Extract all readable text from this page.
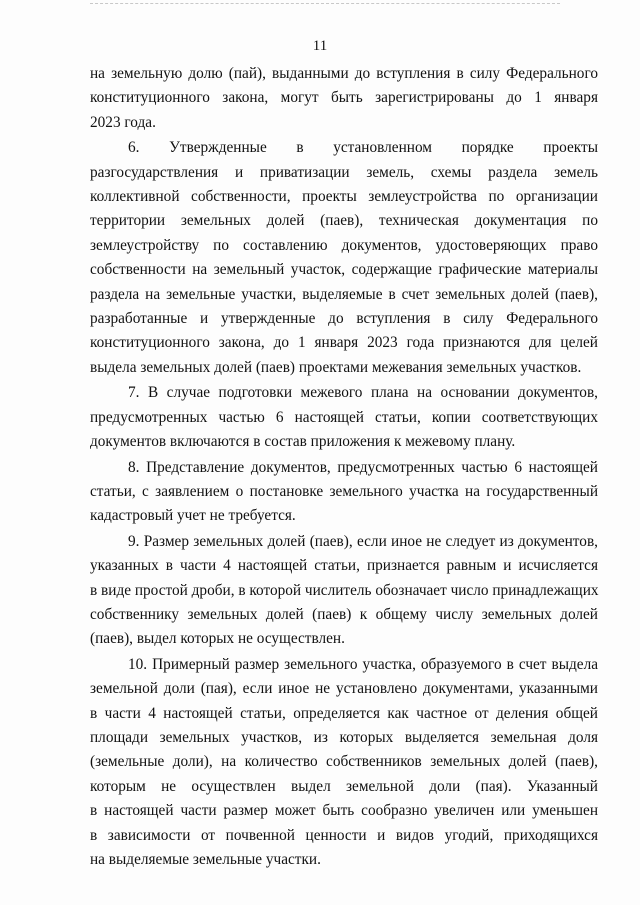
11

на земельную долю (пай), выданными до вступления в силу Федерального
конституционного закона, могут быть зарегистрированы до 1 января
2023 года.

6. Утвержденные в установленном порядке проекты
разгосударствления и приватизации земель, схемы раздела земель
коллективной собственности, проекты землеустройства по организации
территории земельных долей (паев), техническая документация по
землеустройству по составлению документов, удостоверяющих право
собственности на земельный участок, содержащие графические материалы
раздела на земельные участки, выделяемые в счет земельных долей (паев),
разработанные и утвержденные до вступления в силу Федерального
конституционного закона, до 1 января 2023 года признаются для целей
выдела земельных долей (паев) проектами межевания земельных участков.

7. В случае подготовки межевого плана на основании документов,
предусмотренных частью 6 настоящей статьи, копии соответствующих
документов включаются в состав приложения к межевому плану.

8. Представление документов, предусмотренных частью 6 настоящей
статьи, с заявлением о постановке земельного участка на государственный
кадастровый учет не требуется.

9. Размер земельных долей (паев), если иное не следует из документов,
указанных в части 4 настоящей статьи, признается равным и исчисляется
в виде простой дроби, в которой числитель обозначает число принадлежащих
собственнику земельных долей (паев) к общему числу земельных долей
(паев), выдел которых не осуществлен.

10. Примерный размер земельного участка, образуемого в счет выдела
земельной доли (пая), если иное не установлено документами, указанными
в части 4 настоящей статьи, определяется как частное от деления общей
площади земельных участков, из которых выделяется земельная доля
(земельные доли), на количество собственников земельных долей (паев),
которым не осуществлен выдел земельной доли (пая). Указанный
в настоящей части размер может быть сообразно увеличен или уменьшен
в зависимости от почвенной ценности и видов угодий, приходящихся
на выделяемые земельные участки.
